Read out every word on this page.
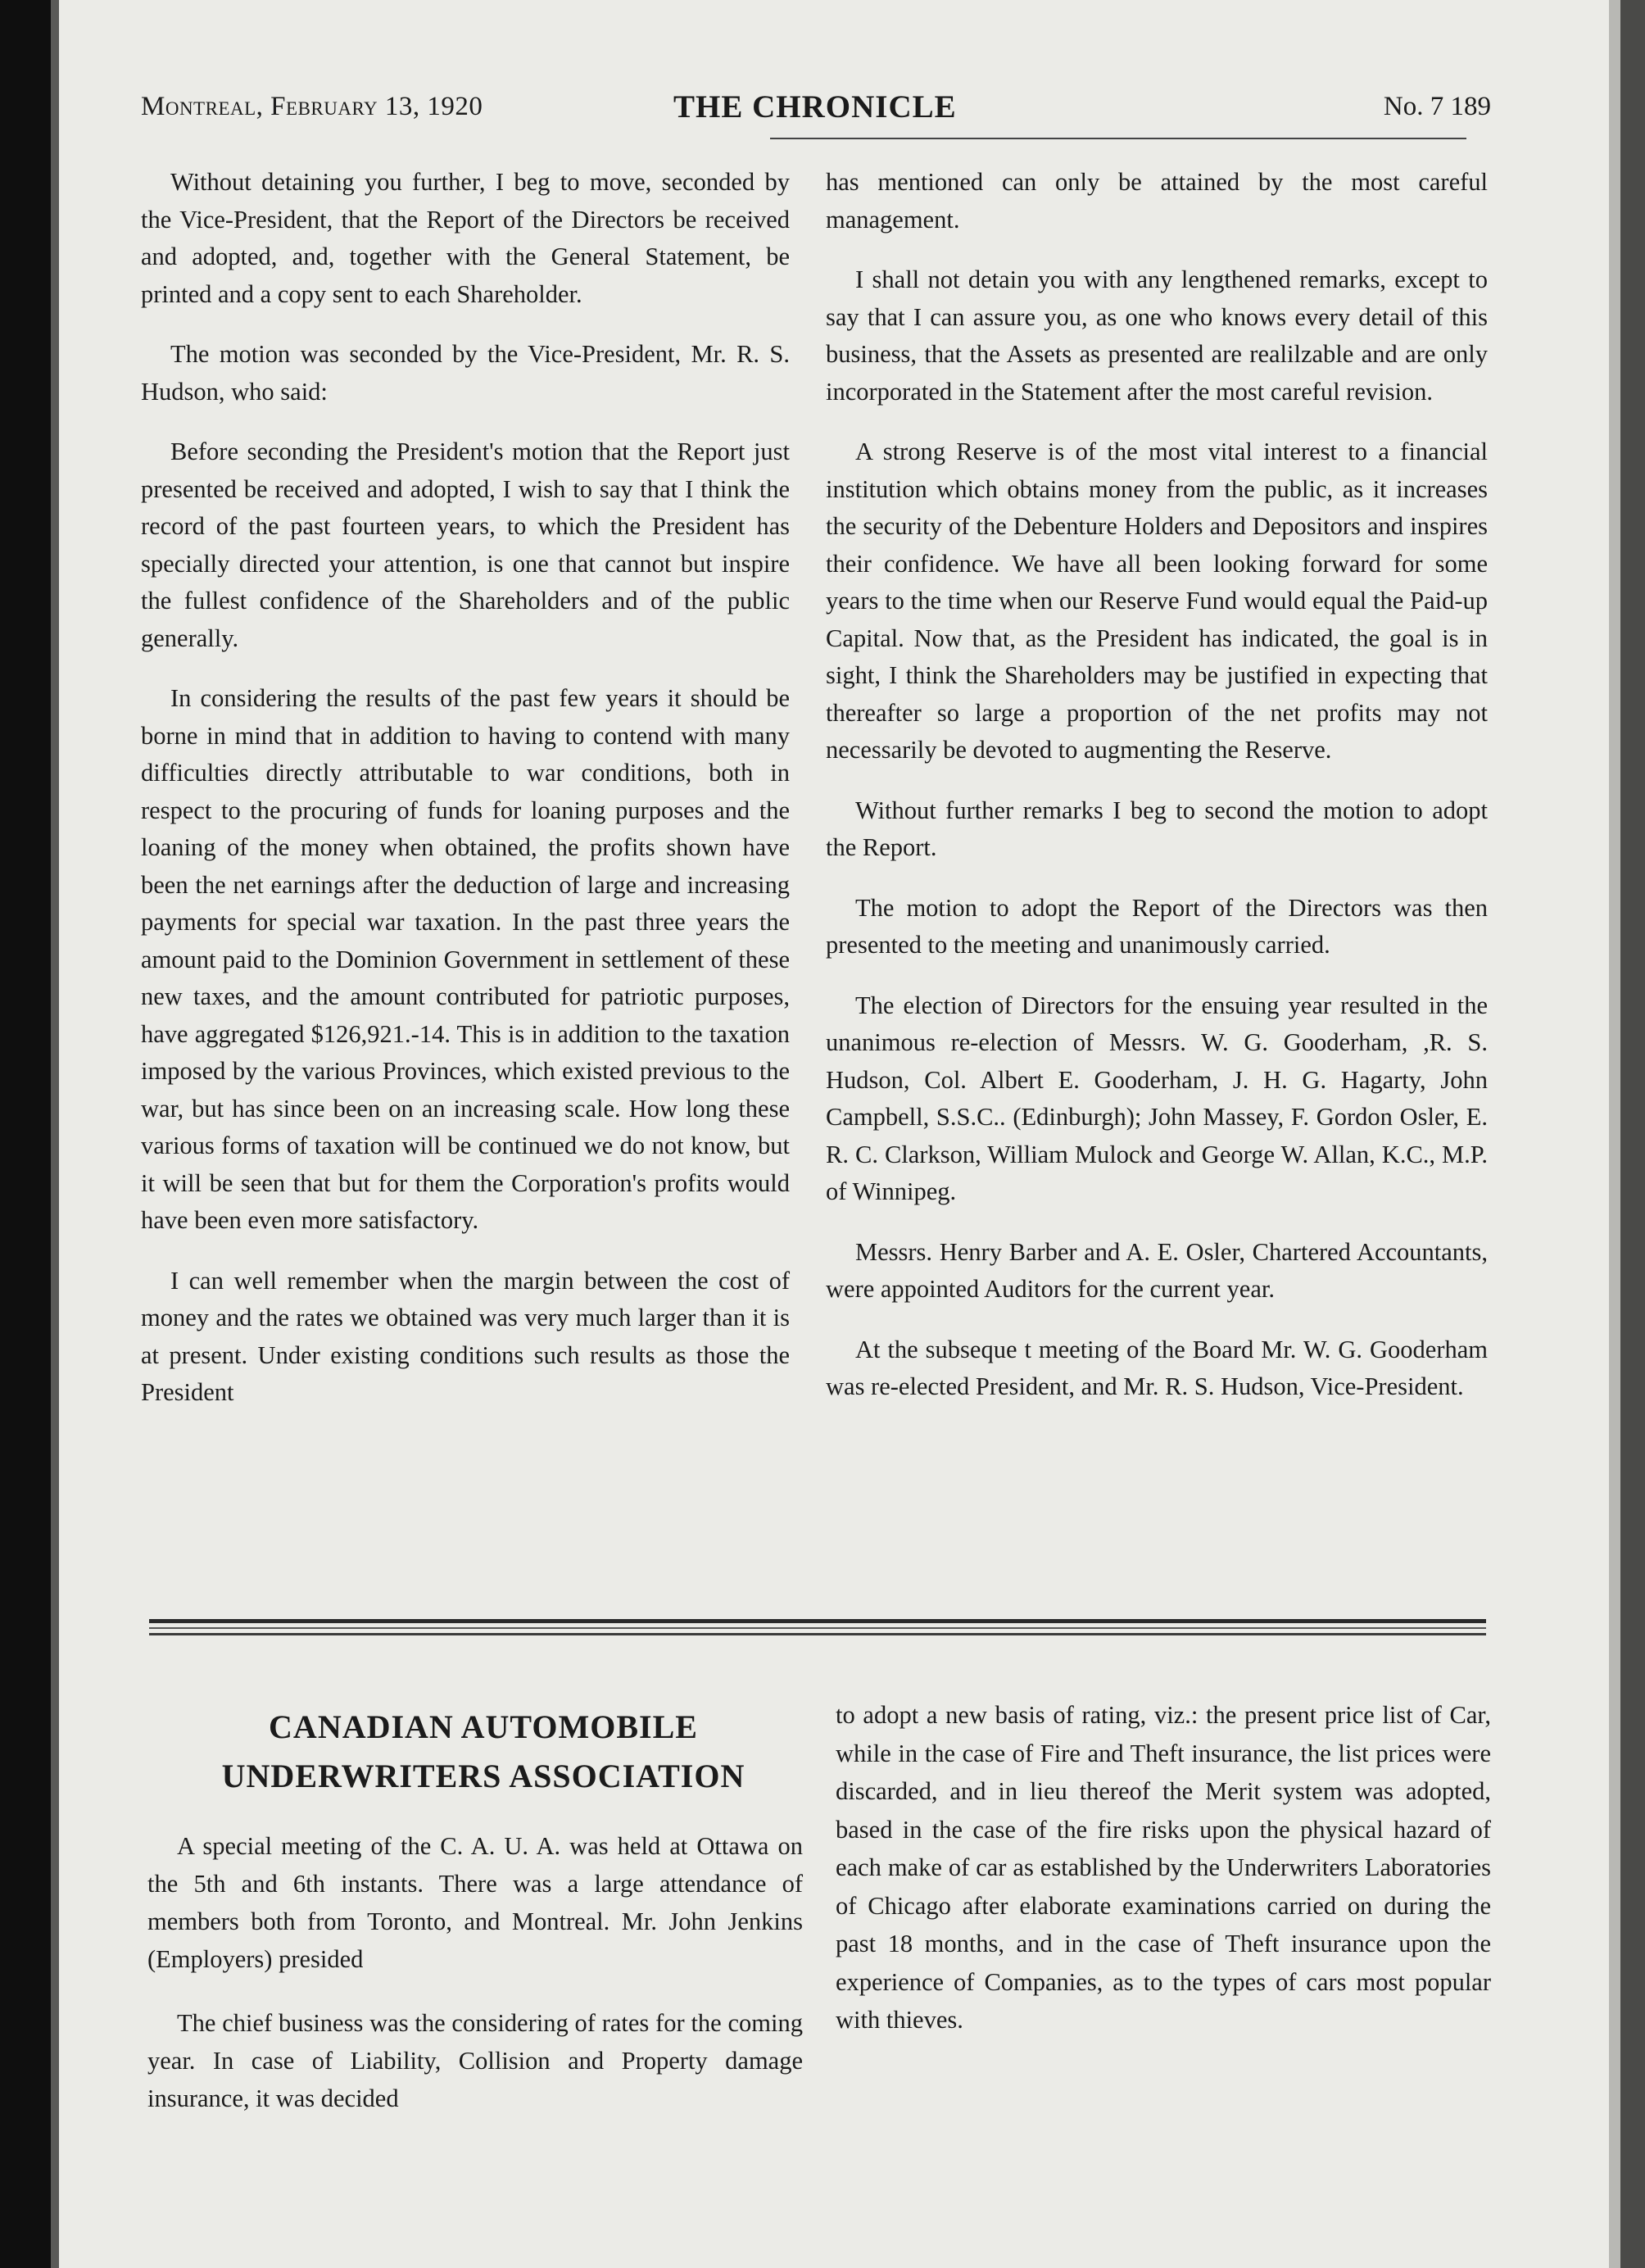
Montreal, February 13, 1920	THE CHRONICLE	No. 7 189

Without detaining you further, I beg to move, seconded by the Vice-President, that the Report of the Directors be received and adopted, and, together with the General Statement, be printed and a copy sent to each Shareholder.

The motion was seconded by the Vice-President, Mr. R. S. Hudson, who said:

Before seconding the President's motion that the Report just presented be received and adopted, I wish to say that I think the record of the past fourteen years, to which the President has specially directed your attention, is one that cannot but inspire the fullest confidence of the Shareholders and of the public generally.

In considering the results of the past few years it should be borne in mind that in addition to having to contend with many difficulties directly attributable to war conditions, both in respect to the procuring of funds for loaning purposes and the loaning of the money when obtained, the profits shown have been the net earnings after the deduction of large and increasing payments for special war taxation. In the past three years the amount paid to the Dominion Government in settlement of these new taxes, and the amount contributed for patriotic purposes, have aggregated $126,921.-14. This is in addition to the taxation imposed by the various Provinces, which existed previous to the war, but has since been on an increasing scale. How long these various forms of taxation will be continued we do not know, but it will be seen that but for them the Corporation's profits would have been even more satisfactory.

I can well remember when the margin between the cost of money and the rates we obtained was very much larger than it is at present. Under existing conditions such results as those the President

has mentioned can only be attained by the most careful management.

I shall not detain you with any lengthened remarks, except to say that I can assure you, as one who knows every detail of this business, that the Assets as presented are realilzable and are only incorporated in the Statement after the most careful revision.

A strong Reserve is of the most vital interest to a financial institution which obtains money from the public, as it increases the security of the Debenture Holders and Depositors and inspires their confidence. We have all been looking forward for some years to the time when our Reserve Fund would equal the Paid-up Capital. Now that, as the President has indicated, the goal is in sight, I think the Shareholders may be justified in expecting that thereafter so large a proportion of the net profits may not necessarily be devoted to augmenting the Reserve.

Without further remarks I beg to second the motion to adopt the Report.

The motion to adopt the Report of the Directors was then presented to the meeting and unanimously carried.

The election of Directors for the ensuing year resulted in the unanimous re-election of Messrs. W. G. Gooderham, ,R. S. Hudson, Col. Albert E. Gooderham, J. H. G. Hagarty, John Campbell, S.S.C.. (Edinburgh); John Massey, F. Gordon Osler, E. R. C. Clarkson, William Mulock and George W. Allan, K.C., M.P. of Winnipeg.

Messrs. Henry Barber and A. E. Osler, Chartered Accountants, were appointed Auditors for the current year.

At the subseque t meeting of the Board Mr. W. G. Gooderham was re-elected President, and Mr. R. S. Hudson, Vice-President.

CANADIAN AUTOMOBILE
UNDERWRITERS ASSOCIATION

A special meeting of the C. A. U. A. was held at Ottawa on the 5th and 6th instants. There was a large attendance of members both from Toronto, and Montreal. Mr. John Jenkins (Employers) presided

The chief business was the considering of rates for the coming year. In case of Liability, Collision and Property damage insurance, it was decided

to adopt a new basis of rating, viz.: the present price list of Car, while in the case of Fire and Theft insurance, the list prices were discarded, and in lieu thereof the Merit system was adopted, based in the case of the fire risks upon the physical hazard of each make of car as established by the Underwriters Laboratories of Chicago after elaborate examinations carried on during the past 18 months, and in the case of Theft insurance upon the experience of Companies, as to the types of cars most popular with thieves.
